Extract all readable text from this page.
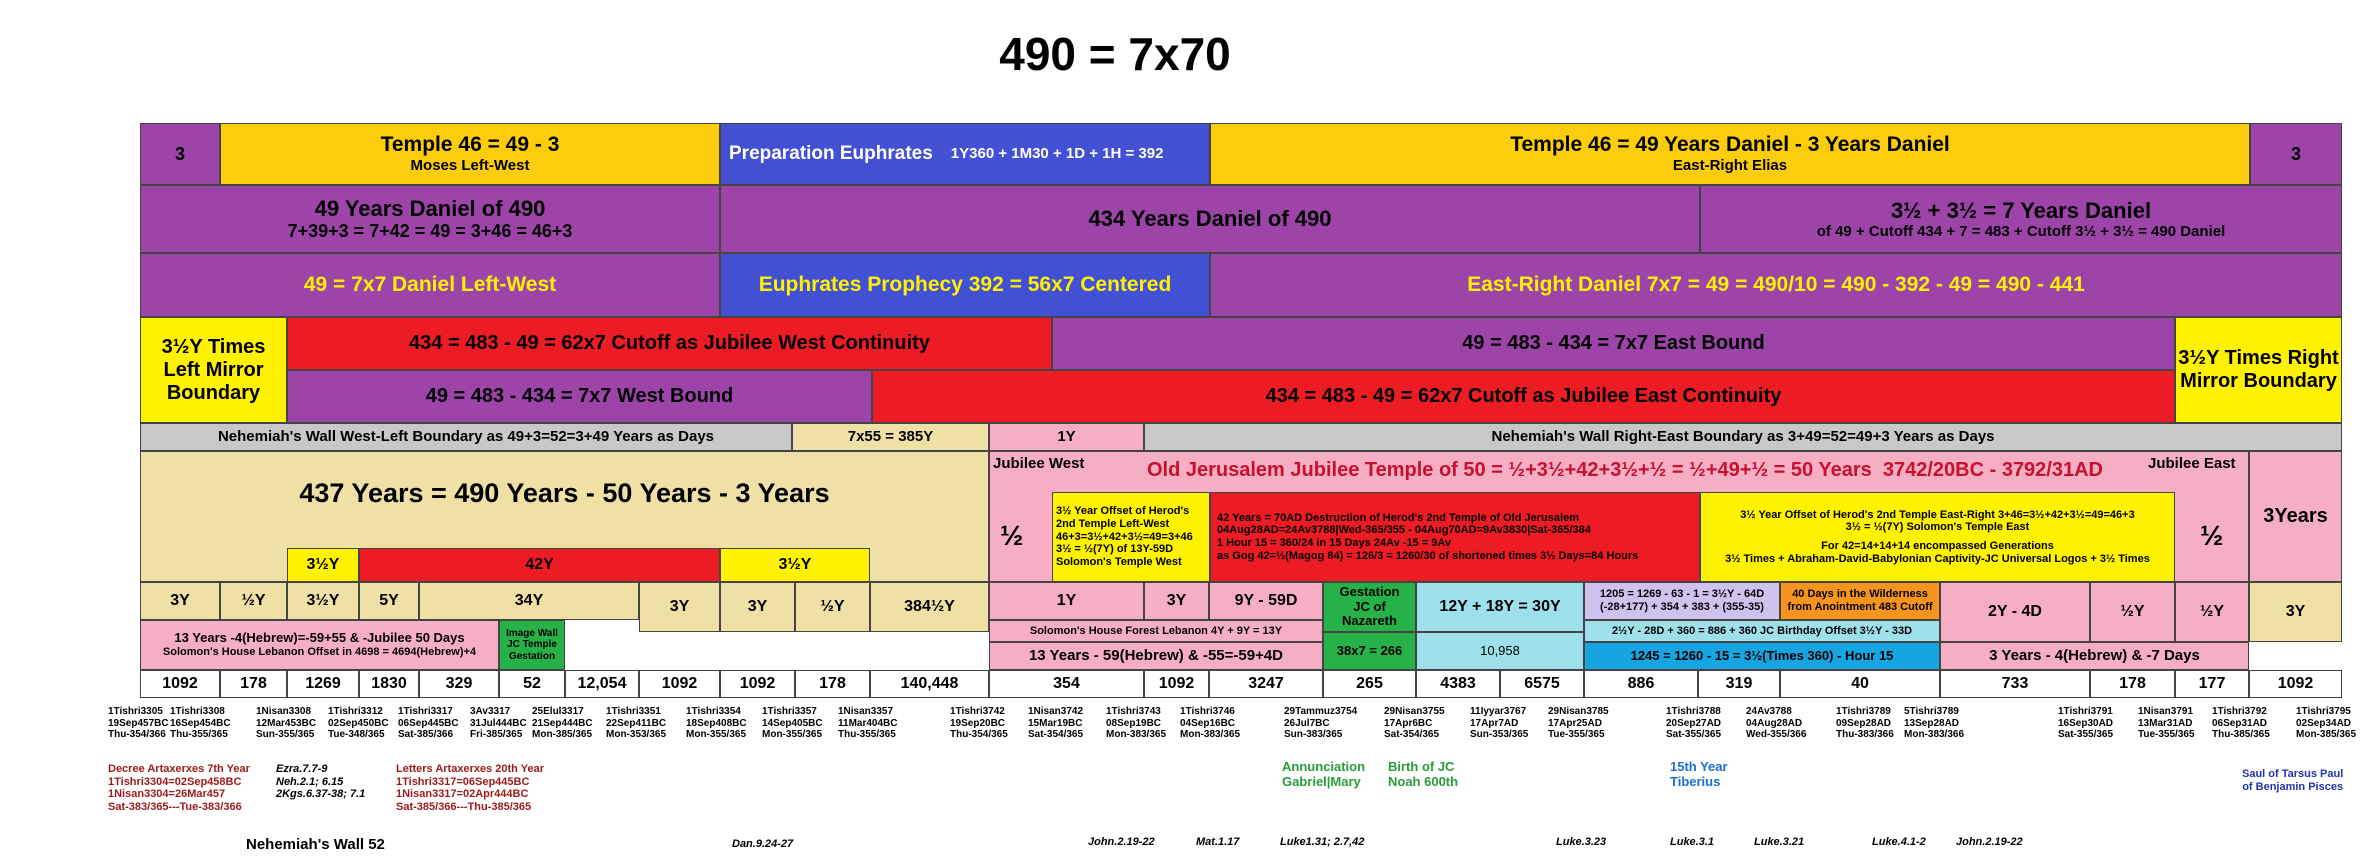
490 = 7x70
3	Temple 46 = 49 - 3
Moses Left-West
Preparation Euphrates 1Y360 + 1M30 + 1D + 1H = 392	Temple 46 = 49 Years Daniel - 3 Years Daniel
East-Right Elias
3
49 Years Daniel of 490
7+39+3 = 7+42 = 49 = 3+46 = 46+3	434 Years Daniel of 490	3½ + 3½ = 7 Years Daniel
of 49 + Cutoff 434 + 7 = 483 + Cutoff 3½ + 3½ = 490 Daniel
49 = 7x7 Daniel Left-West	Euphrates Prophecy 392 = 56x7 Centered	East-Right Daniel 7x7 = 49 = 490/10 = 490 - 392 - 49 = 490 - 441
3½Y Times Left Mirror Boundary
434 = 483 - 49 = 62x7 Cutoff as Jubilee West Continuity	49 = 483 - 434 = 7x7 East Bound
3½Y Times Right Mirror Boundary
49 = 483 - 434 = 7x7 West Bound	434 = 483 - 49 = 62x7 Cutoff as Jubilee East Continuity
Nehemiah's Wall West-Left Boundary as 49+3=52=3+49 Years as Days	7x55 = 385Y	1Y	Nehemiah's Wall Right-East Boundary as 3+49=52=49+3 Years as Days
437 Years = 490 Years - 50 Years - 3 Years
3½Y	42Y	3½Y
Jubilee West
½
Old Jerusalem Jubilee Temple of 50 = ½+3½+42+3½+½ = ½+49+½ = 50 Years  3742/20BC - 3792/31AD	Jubilee East
½
3Years
3½ Year Offset of Herod's
2nd Temple Left-West
46+3=3½+42+3½=49=3+46
3½ = ½(7Y) of 13Y-59D
Solomon's Temple West
42 Years = 70AD Destruction of Herod's 2nd Temple of Old Jerusalem
04Aug28AD=24Av3788|Wed-365/355 - 04Aug70AD=9Av3830|Sat-365/384
1 Hour 15 = 360/24 in 15 Days 24Av -15 = 9Av
as Gog 42=½(Magog 84) = 126/3 = 1260/30 of shortened times 3½ Days=84 Hours
3½ Year Offset of Herod's 2nd Temple East-Right 3+46=3½+42+3½=49=46+3
3½ = ½(7Y) Solomon's Temple East
For 42=14+14+14 encompassed Generations
3½ Times + Abraham-David-Babylonian Captivity-JC Universal Logos + 3½ Times
3Y	½Y	3½Y 5Y	34Y	3Y	3Y	½Y	384½Y	1Y	3Y	9Y - 59D
Gestation
JC of Nazareth
12Y + 18Y = 30Y
1205 = 1269 - 63 - 1 = 3½Y - 64D
(-28+177) + 354 + 383 + (355-35)
40 Days in the Wilderness
from Anointment 483 Cutoff	2Y - 4D	½Y	½Y	3Y
13 Years -4(Hebrew)=-59+55 & -Jubilee 50 Days
Solomon's House Lebanon Offset in 4698 = 4694(Hebrew)+4
Image Wall
JC Temple
Gestation
Solomon's House Forest Lebanon 4Y + 9Y = 13Y
13 Years - 59(Hebrew) & -55=-59+4D	38x7 = 266	10,958
2½Y - 28D + 360 = 886 + 360 JC Birthday Offset 3½Y - 33D
1245 = 1260 - 15 = 3½(Times 360) - Hour 15	3 Years - 4(Hebrew) & -7 Days
1092	178	1269	1830	329	52	12,054	1092	1092	178	140,448	354	1092	3247	265	4383	6575	886	319	40	733	178	177	1092
1Tishri3305
19Sep457BC
Thu-354/366
1Tishri3308
16Sep454BC
Thu-355/365
1Nisan3308
12Mar453BC
Sun-355/365
1Tishri3312
02Sep450BC
Tue-348/365
1Tishri3317
06Sep445BC
Sat-385/366
3Av3317
31Jul444BC
Fri-385/365
25Elul3317
21Sep444BC
Mon-385/365
1Tishri3351
22Sep411BC
Mon-353/365
1Tishri3354
18Sep408BC
Mon-355/365
1Tishri3357
14Sep405BC
Mon-355/365
1Nisan3357
11Mar404BC
Thu-355/365
1Tishri3742
19Sep20BC
Thu-354/365
1Nisan3742
15Mar19BC
Sat-354/365
1Tishri3743
08Sep19BC
Mon-383/365
1Tishri3746
04Sep16BC
Mon-383/365
29Tammuz3754
26Jul7BC
Sun-383/365
29Nisan3755
17Apr6BC
Sat-354/365
11Iyyar3767
17Apr7AD
Sun-353/365
29Nisan3785
17Apr25AD
Tue-355/365
1Tishri3788
20Sep27AD
Sat-355/365
24Av3788
04Aug28AD
Wed-355/366
1Tishri3789
09Sep28AD
Thu-383/366
5Tishri3789
13Sep28AD
Mon-383/366
1Tishri3791
16Sep30AD
Sat-355/365
1Nisan3791
13Mar31AD
Tue-355/365
1Tishri3792
06Sep31AD
Thu-385/365
1Tishri3795
02Sep34AD
Mon-385/365
Decree Artaxerxes 7th Year
1Tishri3304=02Sep458BC
1Nisan3304=26Mar457
Sat-383/365---Tue-383/366
Ezra.7.7-9
Neh.2.1; 6.15
2Kgs.6.37-38; 7.1
Letters Artaxerxes 20th Year
1Tishri3317=06Sep445BC
1Nisan3317=02Apr444BC
Sat-385/366---Thu-385/365
Annunciation
Gabriel|Mary
Birth of JC
Noah 600th
15th Year
Tiberius	Saul of Tarsus Paul
of Benjamin Pisces
Nehemiah's Wall 52	Dan.9.24-27	John.2.19-22	Mat.1.17	Luke1.31; 2.7,42	Luke.3.23	Luke.3.1	Luke.3.21	Luke.4.1-2	John.2.19-22
